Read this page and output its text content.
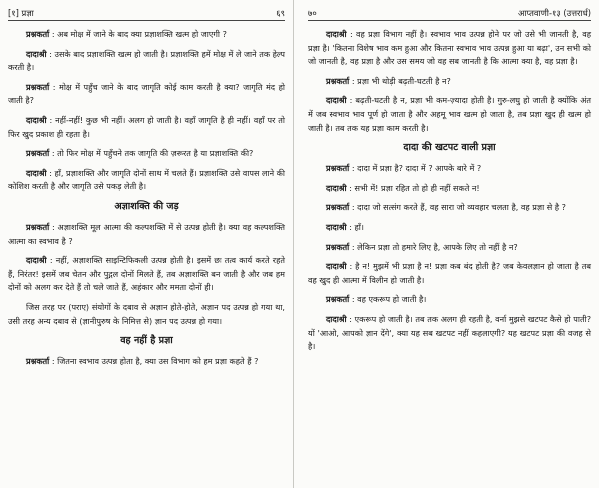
[१] प्रज्ञा	६९

प्रश्नकर्ता : अब मोक्ष में जाने के बाद क्या प्रज्ञाशक्ति खत्म हो जाएगी ?

दादाश्री : उसके बाद प्रज्ञाशक्ति खत्म हो जाती है। प्रज्ञाशक्ति हमें मोक्ष में ले जाने तक हेल्प करती है।

प्रश्नकर्ता : मोक्ष में पहुँच जाने के बाद जागृति कोई काम करती है क्या? जागृति मंद हो जाती है?

दादाश्री : नहीं-नहीं! कुछ भी नहीं। अलग हो जाती है। वहाँ जागृति है ही नहीं। वहाँ पर तो फिर खुद प्रकाश ही रहता है।

प्रश्नकर्ता : तो फिर मोक्ष में पहुँचने तक जागृति की ज़रूरत है या प्रज्ञाशक्ति की?

दादाश्री : हाँ, प्रज्ञाशक्ति और जागृति दोनों साथ में चलते हैं। प्रज्ञाशक्ति उसे वापस लाने की कोशिश करती है और जागृति उसे पकड़ लेती है।

अज्ञाशक्ति की जड़

प्रश्नकर्ता : अज्ञाशक्ति मूल आत्मा की कल्पशक्ति में से उत्पन्न होती है। क्या वह कल्पशक्ति आत्मा का स्वभाव है ?

दादाश्री : नहीं, अज्ञाशक्ति साइन्टिफिकली उत्पन्न होती है। इसमें छः तत्व कार्य करते रहते हैं, निरंतर! इसमें जब चेतन और पुद्गल दोनों मिलते हैं, तब अज्ञाशक्ति बन जाती है और जब हम दोनों को अलग कर देते हैं तो चले जाते हैं, अहंकार और ममता दोनों ही।

जिस तरह पर (पराए) संयोगों के दबाव से अज्ञान होते-होते, अज्ञान पद उत्पन्न हो गया था, उसी तरह अन्य दबाव से (ज्ञानीपुरुष के निमित्त से) ज्ञान पद उत्पन्न हो गया।

वह नहीं है प्रज्ञा

प्रश्नकर्ता : जितना स्वभाव उत्पन्न होता है, क्या उस विभाग को हम प्रज्ञा कहते हैं ?

७०	आप्तवाणी-१३ (उत्तरार्ध)

दादाश्री : वह प्रज्ञा विभाग नहीं है। स्वभाव भाव उत्पन्न होने पर जो उसे भी जानती है, वह प्रज्ञा है। 'कितना विशेष भाव कम हुआ और कितना स्वभाव भाव उत्पन्न हुआ या बढ़ा', उन सभी को जो जानती है, वह प्रज्ञा है और उस समय जो वह सब जानती है कि आत्मा क्या है, वह प्रज्ञा है।

प्रश्नकर्ता : प्रज्ञा भी थोड़ी बढ़ती-घटती है न?

दादाश्री : बढ़ती-घटती है न, प्रज्ञा भी कम-ज़्यादा होती है। गुरु-लघु हो जाती है क्योंकि अंत में जब स्वभाव भाव पूर्ण हो जाता है और अहमू भाव खत्म हो जाता है, तब प्रज्ञा खुद ही खत्म हो जाती है। तब तक यह प्रज्ञा काम करती है।

दादा की खटपट वाली प्रज्ञा

प्रश्नकर्ता : दादा में प्रज्ञा है? दादा में ? आपके बारे में ?

दादाश्री : सभी में! प्रज्ञा रहित तो हो ही नहीं सकते न!

प्रश्नकर्ता : दादा जो सत्संग करते हैं, वह सारा जो व्यवहार चलता है, वह प्रज्ञा से है ?

दादाश्री : हाँ।

प्रश्नकर्ता : लेकिन प्रज्ञा तो हमारे लिए है, आपके लिए तो नहीं है न?

दादाश्री : है न! मुझमें भी प्रज्ञा है न! प्रज्ञा कब बंद होती है? जब केवलज्ञान हो जाता है तब वह खुद ही आत्मा में विलीन हो जाती है।

प्रश्नकर्ता : वह एकरूप हो जाती है।

दादाश्री : एकरूप हो जाती है। तब तक अलग ही रहती है, वर्ना मुझसे खटपट कैसे हो पाती? यों 'आओ, आपको ज्ञान देंगे', क्या यह सब खटपट नहीं कहलाएगी? यह खटपट प्रज्ञा की वजह से है।
